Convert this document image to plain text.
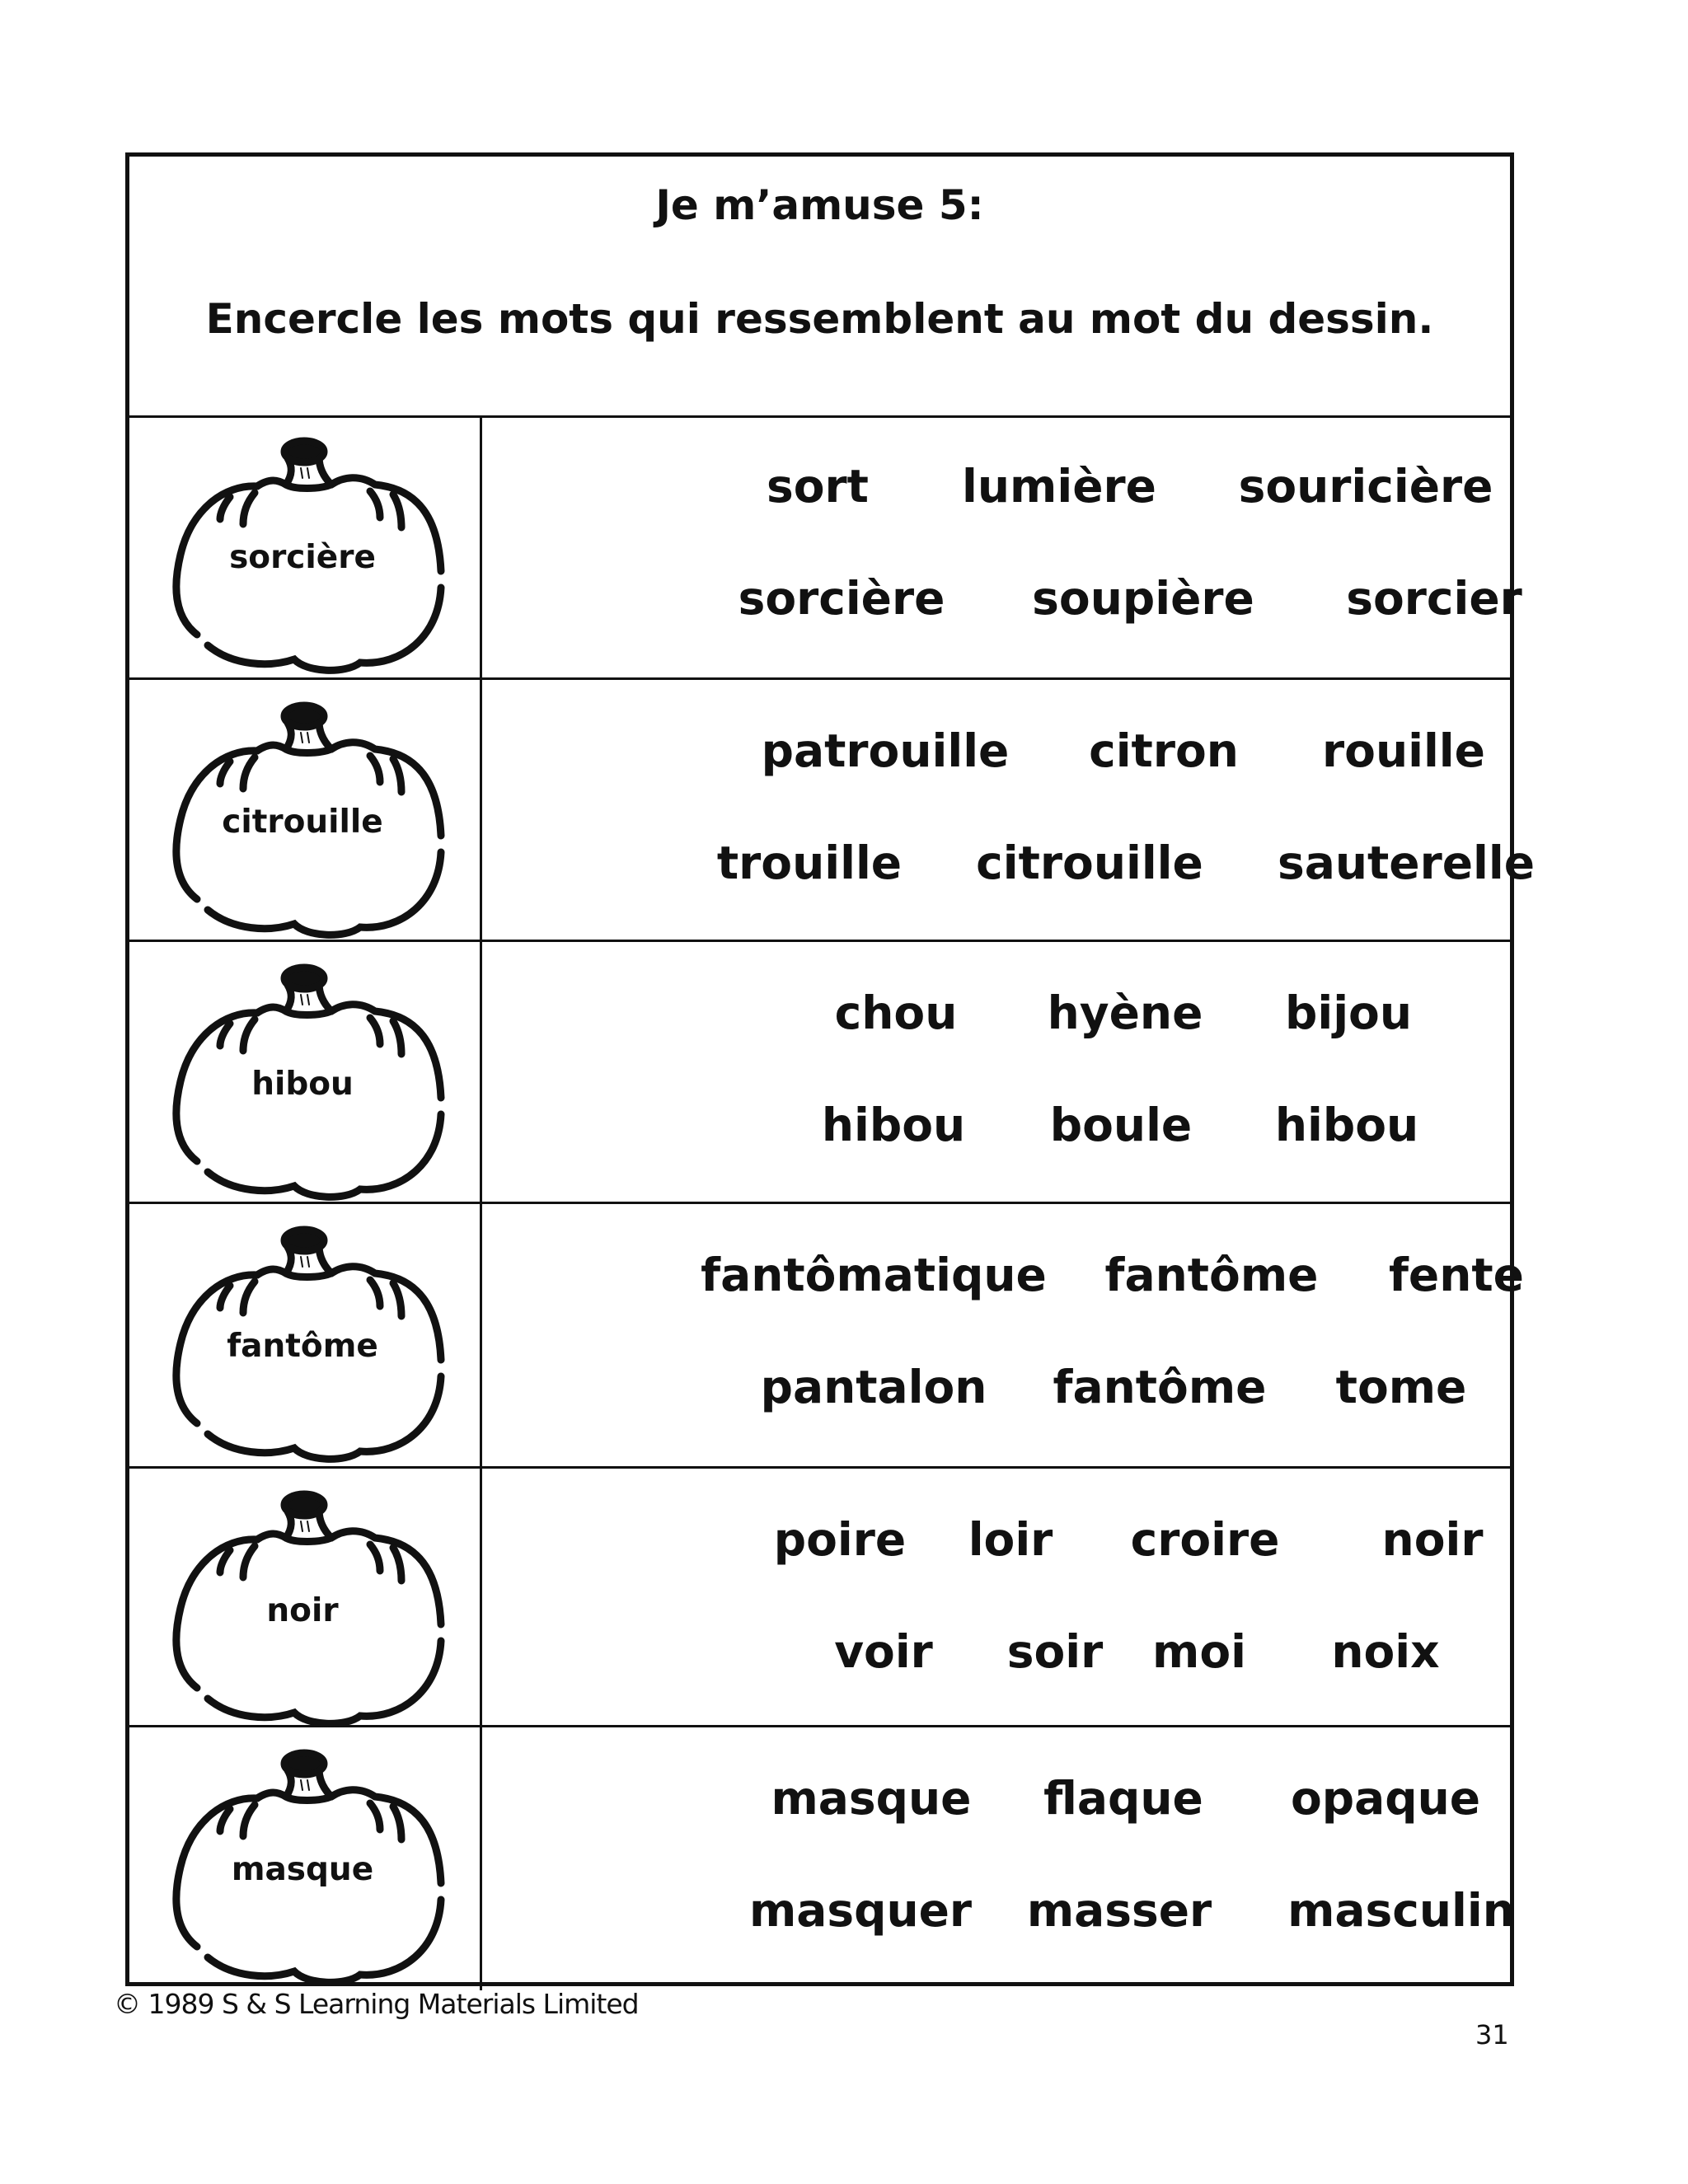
Je m’amuse 5:
Encercle les mots qui ressemblent au mot du dessin.
sorcière
sort lumière souricière
sorcière soupière sorcier
citrouille
patrouille citron rouille
trouille citrouille sauterelle
hibou
chou hyène bijou
hibou boule hibou
fantôme
fantômatique fantôme fente
pantalon fantôme tome
noir
poire loir croire noir
voir soir moi noix
masque
masque flaque opaque
masquer masser masculin
© 1989 S & S Learning Materials Limited
31
